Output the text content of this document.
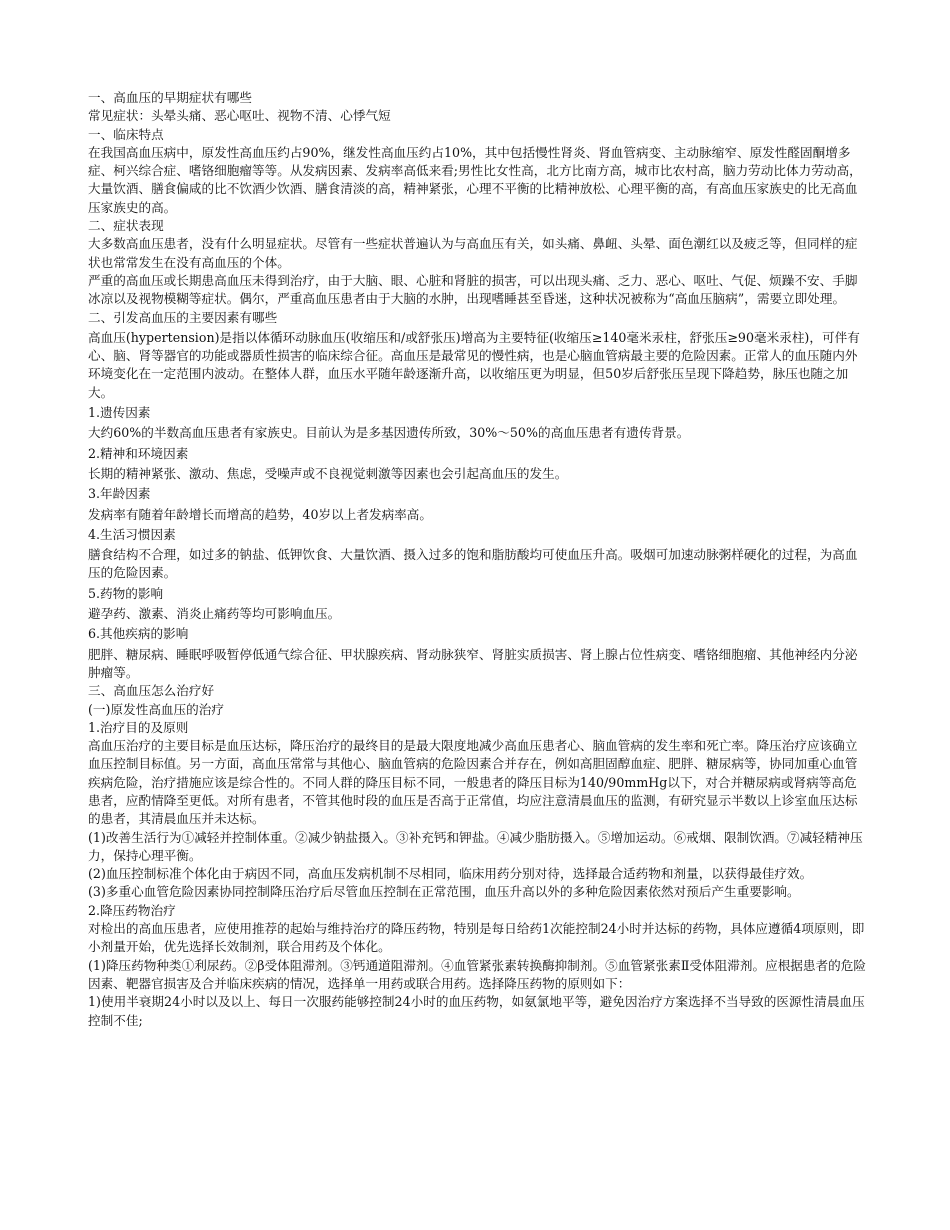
一、高血压的早期症状有哪些

常见症状：头晕头痛、恶心呕吐、视物不清、心悸气短

一、临床特点

在我国高血压病中，原发性高血压约占90%，继发性高血压约占10%，其中包括慢性肾炎、肾血管病变、主动脉缩窄、原发性醛固酮增多症、柯兴综合症、嗜铬细胞瘤等等。从发病因素、发病率高低来看;男性比女性高，北方比南方高，城市比农村高，脑力劳动比体力劳动高，大量饮酒、膳食偏咸的比不饮酒少饮酒、膳食清淡的高，精神紧张，心理不平衡的比精神放松、心理平衡的高，有高血压家族史的比无高血压家族史的高。

二、症状表现

大多数高血压患者，没有什么明显症状。尽管有一些症状普遍认为与高血压有关，如头痛、鼻衄、头晕、面色潮红以及疲乏等，但同样的症状也常常发生在没有高血压的个体。

严重的高血压或长期患高血压未得到治疗，由于大脑、眼、心脏和肾脏的损害，可以出现头痛、乏力、恶心、呕吐、气促、烦躁不安、手脚冰凉以及视物模糊等症状。偶尔，严重高血压患者由于大脑的水肿，出现嗜睡甚至昏迷，这种状况被称为“高血压脑病”，需要立即处理。

二、引发高血压的主要因素有哪些

高血压(hypertension)是指以体循环动脉血压(收缩压和/或舒张压)增高为主要特征(收缩压≥140毫米汞柱，舒张压≥90毫米汞柱)，可伴有心、脑、肾等器官的功能或器质性损害的临床综合征。高血压是最常见的慢性病，也是心脑血管病最主要的危险因素。正常人的血压随内外环境变化在一定范围内波动。在整体人群，血压水平随年龄逐渐升高，以收缩压更为明显，但50岁后舒张压呈现下降趋势，脉压也随之加大。

1.遗传因素

大约60%的半数高血压患者有家族史。目前认为是多基因遗传所致，30%～50%的高血压患者有遗传背景。

2.精神和环境因素

长期的精神紧张、激动、焦虑，受噪声或不良视觉刺激等因素也会引起高血压的发生。

3.年龄因素

发病率有随着年龄增长而增高的趋势，40岁以上者发病率高。

4.生活习惯因素

膳食结构不合理，如过多的钠盐、低钾饮食、大量饮酒、摄入过多的饱和脂肪酸均可使血压升高。吸烟可加速动脉粥样硬化的过程，为高血压的危险因素。

5.药物的影响

避孕药、激素、消炎止痛药等均可影响血压。

6.其他疾病的影响

肥胖、糖尿病、睡眠呼吸暂停低通气综合征、甲状腺疾病、肾动脉狭窄、肾脏实质损害、肾上腺占位性病变、嗜铬细胞瘤、其他神经内分泌肿瘤等。

三、高血压怎么治疗好

(一)原发性高血压的治疗

1.治疗目的及原则

高血压治疗的主要目标是血压达标，降压治疗的最终目的是最大限度地减少高血压患者心、脑血管病的发生率和死亡率。降压治疗应该确立血压控制目标值。另一方面，高血压常常与其他心、脑血管病的危险因素合并存在，例如高胆固醇血症、肥胖、糖尿病等，协同加重心血管疾病危险，治疗措施应该是综合性的。不同人群的降压目标不同，一般患者的降压目标为140/90mmHg以下，对合并糖尿病或肾病等高危患者，应酌情降至更低。对所有患者，不管其他时段的血压是否高于正常值，均应注意清晨血压的监测，有研究显示半数以上诊室血压达标的患者，其清晨血压并未达标。

(1)改善生活行为①减轻并控制体重。②减少钠盐摄入。③补充钙和钾盐。④减少脂肪摄入。⑤增加运动。⑥戒烟、限制饮酒。⑦减轻精神压力，保持心理平衡。

(2)血压控制标准个体化由于病因不同，高血压发病机制不尽相同，临床用药分别对待，选择最合适药物和剂量，以获得最佳疗效。

(3)多重心血管危险因素协同控制降压治疗后尽管血压控制在正常范围，血压升高以外的多种危险因素依然对预后产生重要影响。

2.降压药物治疗

对检出的高血压患者，应使用推荐的起始与维持治疗的降压药物，特别是每日给药1次能控制24小时并达标的药物，具体应遵循4项原则，即小剂量开始，优先选择长效制剂，联合用药及个体化。

(1)降压药物种类①利尿药。②β受体阻滞剂。③钙通道阻滞剂。④血管紧张素转换酶抑制剂。⑤血管紧张素Ⅱ受体阻滞剂。应根据患者的危险因素、靶器官损害及合并临床疾病的情况，选择单一用药或联合用药。选择降压药物的原则如下：

1)使用半衰期24小时以及以上、每日一次服药能够控制24小时的血压药物，如氨氯地平等，避免因治疗方案选择不当导致的医源性清晨血压控制不佳;
